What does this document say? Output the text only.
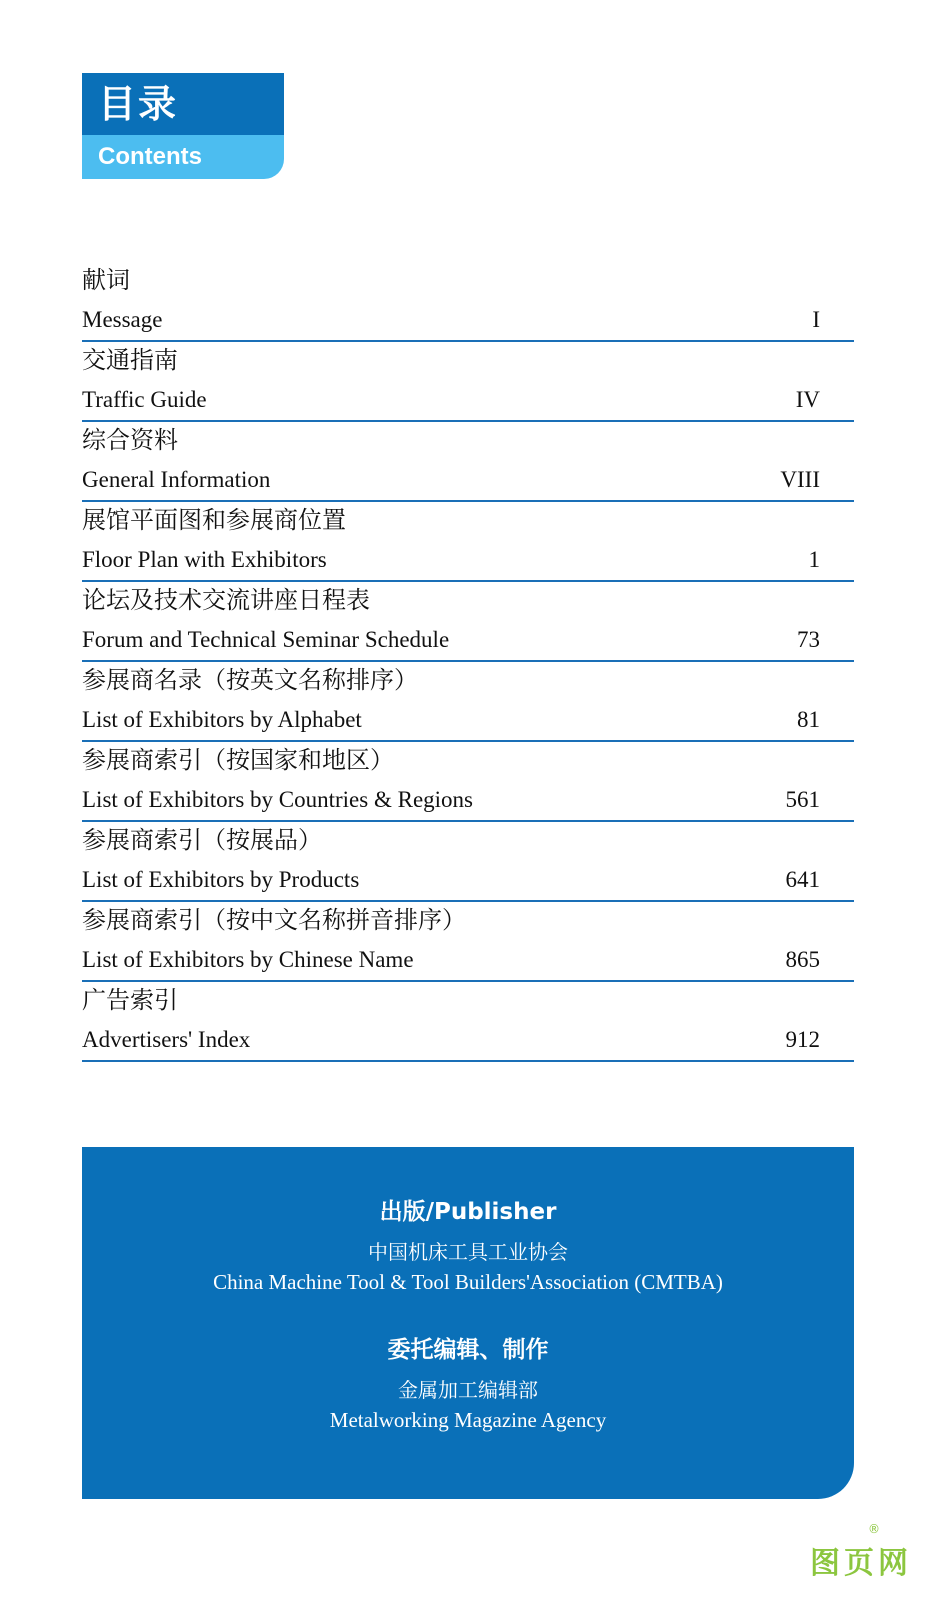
目录
Contents
献词
Message	I
交通指南
Traffic Guide	IV
综合资料
General Information	VIII
展馆平面图和参展商位置
Floor Plan with Exhibitors	1
论坛及技术交流讲座日程表
Forum and Technical Seminar Schedule	73
参展商名录（按英文名称排序）
List of Exhibitors by Alphabet	81
参展商索引（按国家和地区）
List of Exhibitors by Countries & Regions	561
参展商索引（按展品）
List of Exhibitors by Products	641
参展商索引（按中文名称拼音排序）
List of Exhibitors by Chinese Name	865
广告索引
Advertisers' Index	912
出版/Publisher
中国机床工具工业协会
China Machine Tool & Tool Builders'Association (CMTBA)
委托编辑、制作
金属加工编辑部
Metalworking Magazine Agency
图页网
®
